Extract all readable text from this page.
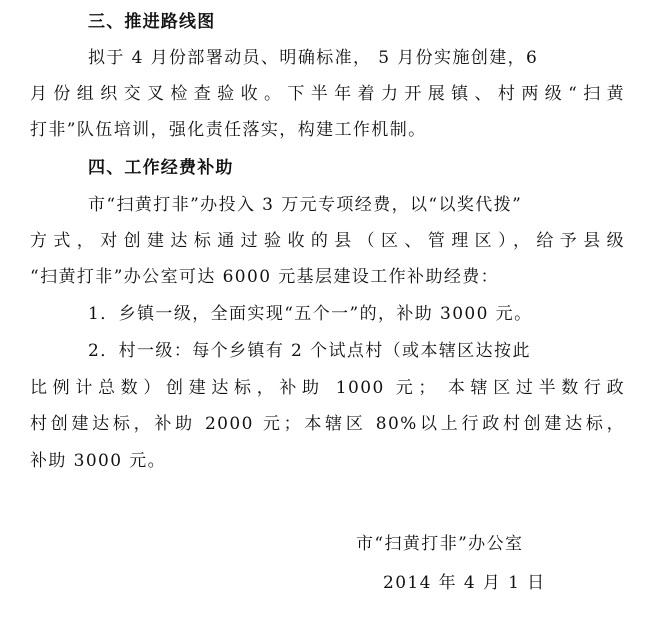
三、推进路线图
拟于 4 月份部署动员、明确标准， 5 月份实施创建，6
月份组织交叉检查验收。下半年着力开展镇、村两级“扫黄
打非”队伍培训，强化责任落实，构建工作机制。
四、工作经费补助
市“扫黄打非”办投入 3 万元专项经费，以“以奖代拨”
方式，对创建达标通过验收的县（区、管理区），给予县级
“扫黄打非”办公室可达 6000 元基层建设工作补助经费：
1．乡镇一级，全面实现“五个一”的，补助 3000 元。
2．村一级：每个乡镇有 2 个试点村（或本辖区达按此
比例计总数）创建达标，补助 1000 元； 本辖区过半数行政
村创建达标，补助 2000 元；本辖区 80%以上行政村创建达标，
补助 3000 元。
市“扫黄打非”办公室
2014 年 4 月 1 日
